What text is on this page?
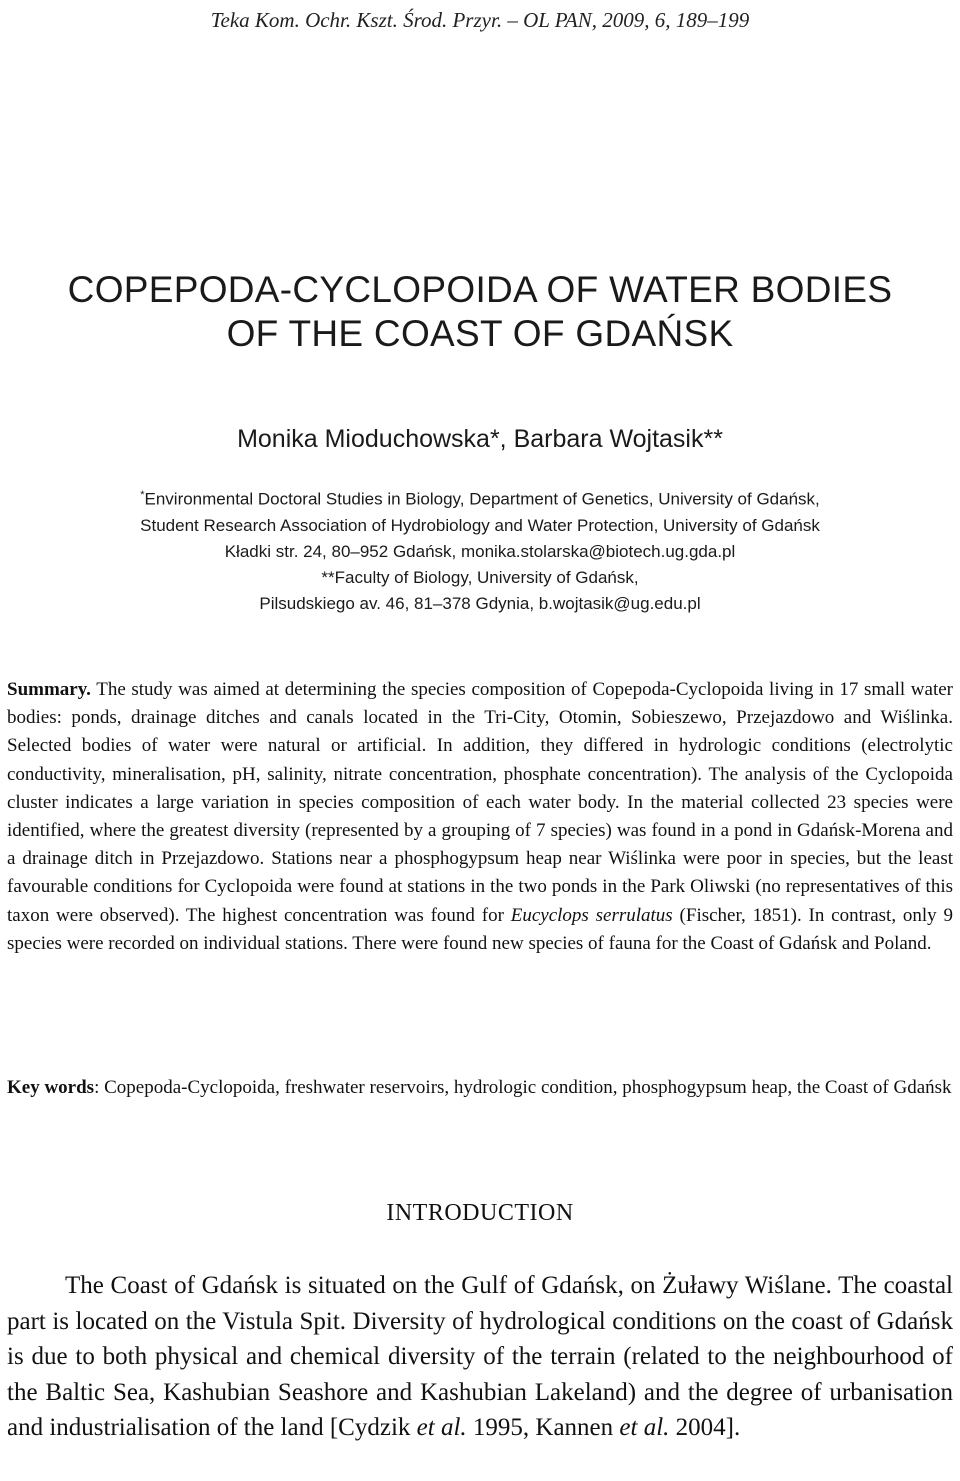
Teka Kom. Ochr. Kszt. Środ. Przyr. – OL PAN, 2009, 6, 189–199
COPEPODA-CYCLOPOIDA OF WATER BODIES
OF THE COAST OF GDAŃSK
Monika Mioduchowska*, Barbara Wojtasik**
*Environmental Doctoral Studies in Biology, Department of Genetics, University of Gdańsk,
Student Research Association of Hydrobiology and Water Protection, University of Gdańsk
Kładki str. 24, 80–952 Gdańsk, monika.stolarska@biotech.ug.gda.pl
**Faculty of Biology, University of Gdańsk,
Pilsudskiego av. 46, 81–378 Gdynia, b.wojtasik@ug.edu.pl
Summary. The study was aimed at determining the species composition of Copepoda-Cyclopoida living in 17 small water bodies: ponds, drainage ditches and canals located in the Tri-City, Otomin, Sobieszewo, Przejazdowo and Wiślinka. Selected bodies of water were natural or artificial. In addition, they differed in hydrologic conditions (electrolytic conductivity, mineralisation, pH, salinity, nitrate concentration, phosphate concentration). The analysis of the Cyclopoida cluster indicates a large variation in species composition of each water body. In the material collected 23 species were identified, where the greatest diversity (represented by a grouping of 7 species) was found in a pond in Gdańsk-Morena and a drainage ditch in Przejazdowo. Stations near a phosphogypsum heap near Wiślinka were poor in species, but the least favourable conditions for Cyclopoida were found at stations in the two ponds in the Park Oliwski (no representatives of this taxon were observed). The highest concentration was found for Eucyclops serrulatus (Fischer, 1851). In contrast, only 9 species were recorded on individual stations. There were found new species of fauna for the Coast of Gdańsk and Poland.
Key words: Copepoda-Cyclopoida, freshwater reservoirs, hydrologic condition, phosphogypsum heap, the Coast of Gdańsk
INTRODUCTION
The Coast of Gdańsk is situated on the Gulf of Gdańsk, on Żuławy Wiślane. The coastal part is located on the Vistula Spit. Diversity of hydrological conditions on the coast of Gdańsk is due to both physical and chemical diversity of the terrain (related to the neighbourhood of the Baltic Sea, Kashubian Seashore and Kashubian Lakeland) and the degree of urbanisation and industrialisation of the land [Cydzik et al. 1995, Kannen et al. 2004].
